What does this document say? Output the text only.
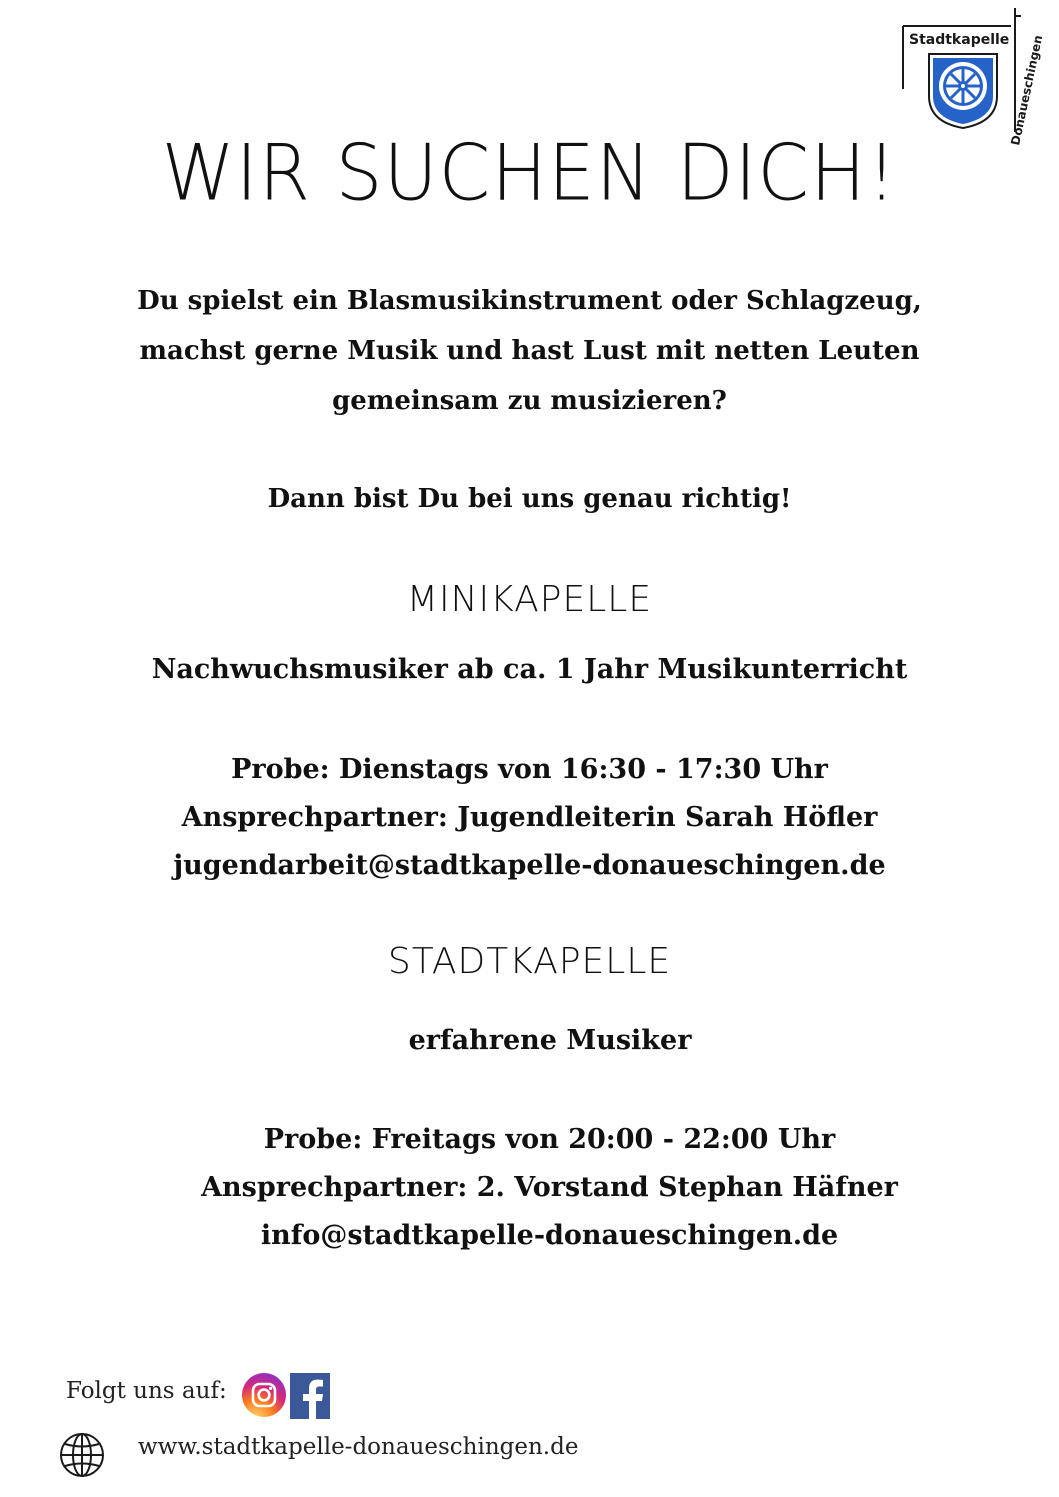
Stadtkapelle
Donaueschingen
WIR SUCHEN DICH!
Du spielst ein Blasmusikinstrument oder Schlagzeug,
machst gerne Musik und hast Lust mit netten Leuten
gemeinsam zu musizieren?
Dann bist Du bei uns genau richtig!
MINIKAPELLE
Nachwuchsmusiker ab ca. 1 Jahr Musikunterricht
Probe: Dienstags von 16:30 - 17:30 Uhr
Ansprechpartner: Jugendleiterin Sarah Höfler
jugendarbeit@stadtkapelle-donaueschingen.de
STADTKAPELLE
erfahrene Musiker
Probe: Freitags von 20:00 - 22:00 Uhr
Ansprechpartner: 2. Vorstand Stephan Häfner
info@stadtkapelle-donaueschingen.de
Folgt uns auf:
www.stadtkapelle-donaueschingen.de
